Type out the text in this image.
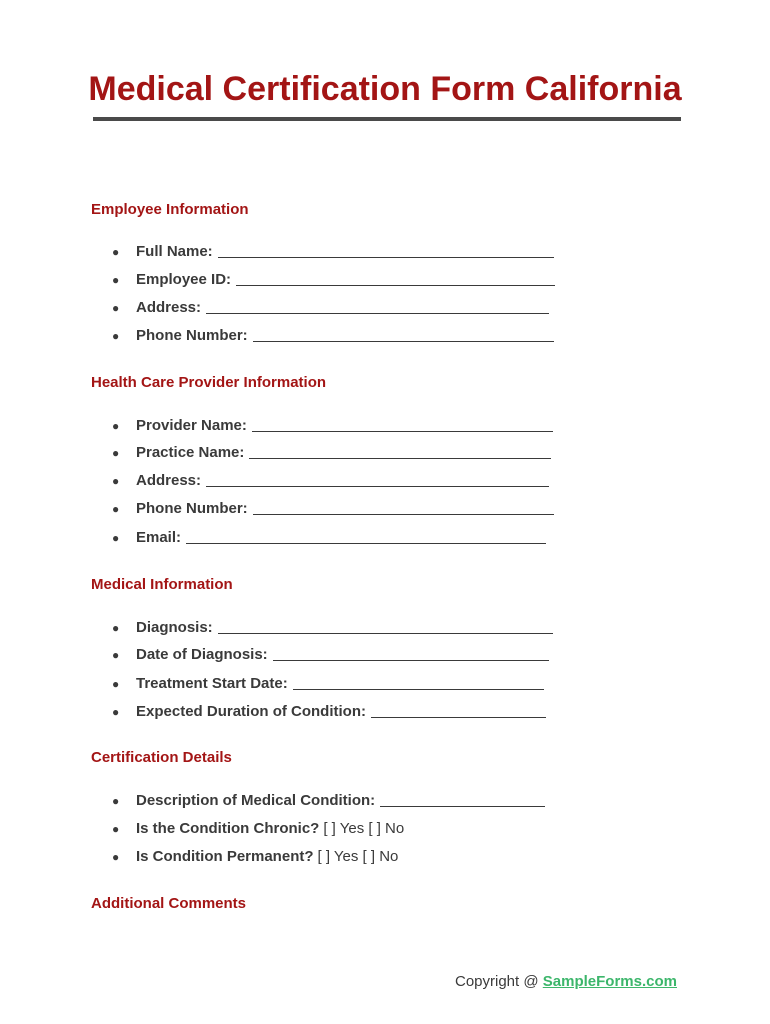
Medical Certification Form California
Employee Information
●	Full Name:
●	Employee ID:
●	Address:
●	Phone Number:
Health Care Provider Information
●	Provider Name:
●	Practice Name:
●	Address:
●	Phone Number:
●	Email:
Medical Information
●	Diagnosis:
●	Date of Diagnosis:
●	Treatment Start Date:
●	Expected Duration of Condition:
Certification Details
●	Description of Medical Condition:
●	Is the Condition Chronic? [ ] Yes [ ] No
●	Is Condition Permanent? [ ] Yes [ ] No
Additional Comments
Copyright @ SampleForms.com
